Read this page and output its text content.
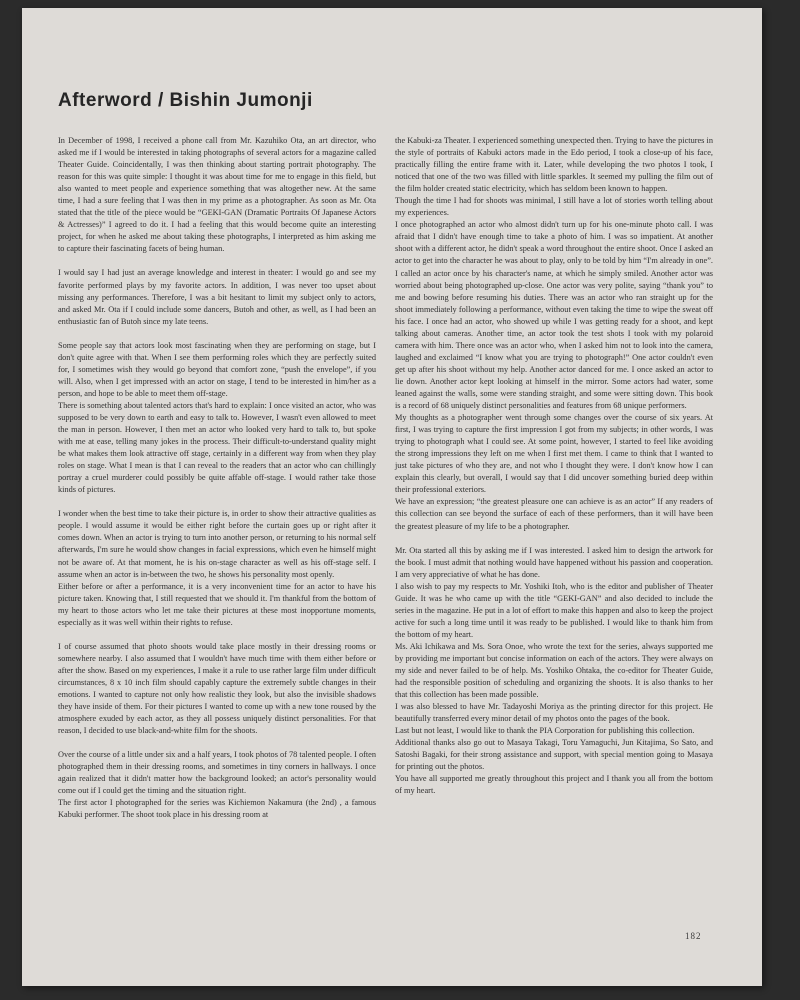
Afterword / Bishin Jumonji

In December of 1998, I received a phone call from Mr. Kazuhiko Ota, an art director, who asked me if I would be interested in taking photographs of several actors for a magazine called Theater Guide. Coincidentally, I was then thinking about starting portrait photography. The reason for this was quite simple: I thought it was about time for me to engage in this field, but also wanted to meet people and experience something that was altogether new. At the same time, I had a sure feeling that I was then in my prime as a photographer. As soon as Mr. Ota stated that the title of the piece would be “GEKI-GAN (Dramatic Portraits Of Japanese Actors & Actresses)” I agreed to do it. I had a feeling that this would become quite an interesting project, for when he asked me about taking these photographs, I interpreted as him asking me to capture their fascinating facets of being human.

I would say I had just an average knowledge and interest in theater: I would go and see my favorite performed plays by my favorite actors. In addition, I was never too upset about missing any performances. Therefore, I was a bit hesitant to limit my subject only to actors, and asked Mr. Ota if I could include some dancers, Butoh and other, as well, as I had been an enthusiastic fan of Butoh since my late teens.

Some people say that actors look most fascinating when they are performing on stage, but I don't quite agree with that. When I see them performing roles which they are perfectly suited for, I sometimes wish they would go beyond that comfort zone, “push the envelope”, if you will. Also, when I get impressed with an actor on stage, I tend to be interested in him/her as a person, and hope to be able to meet them off-stage.

There is something about talented actors that's hard to explain: I once visited an actor, who was supposed to be very down to earth and easy to talk to. However, I wasn't even allowed to meet the man in person. However, I then met an actor who looked very hard to talk to, but spoke with me at ease, telling many jokes in the process. Their difficult-to-understand quality might be what makes them look attractive off stage, certainly in a different way from when they play roles on stage. What I mean is that I can reveal to the readers that an actor who can chillingly portray a cruel murderer could possibly be quite affable off-stage. I would rather take those kinds of pictures.

I wonder when the best time to take their picture is, in order to show their attractive qualities as people. I would assume it would be either right before the curtain goes up or right after it comes down. When an actor is trying to turn into another person, or returning to his normal self afterwards, I'm sure he would show changes in facial expressions, which even he himself might not be aware of. At that moment, he is his on-stage character as well as his off-stage self. I assume when an actor is in-between the two, he shows his personality most openly.

Either before or after a performance, it is a very inconvenient time for an actor to have his picture taken. Knowing that, I still requested that we should it. I'm thankful from the bottom of my heart to those actors who let me take their pictures at these most inopportune moments, especially as it was well within their rights to refuse.

I of course assumed that photo shoots would take place mostly in their dressing rooms or somewhere nearby. I also assumed that I wouldn't have much time with them either before or after the show. Based on my experiences, I make it a rule to use rather large film under difficult circumstances, 8 x 10 inch film should capably capture the extremely subtle changes in their emotions. I wanted to capture not only how realistic they look, but also the invisible shadows they have inside of them. For their pictures I wanted to come up with a new tone roused by the atmosphere exuded by each actor, as they all possess uniquely distinct personalities. For that reason, I decided to use black-and-white film for the shoots.

Over the course of a little under six and a half years, I took photos of 78 talented people. I often photographed them in their dressing rooms, and sometimes in tiny corners in hallways. I once again realized that it didn't matter how the background looked; an actor's personality would come out if I could get the timing and the situation right.

The first actor I photographed for the series was Kichiemon Nakamura (the 2nd) , a famous Kabuki performer. The shoot took place in his dressing room at

the Kabuki-za Theater. I experienced something unexpected then. Trying to have the pictures in the style of portraits of Kabuki actors made in the Edo period, I took a close-up of his face, practically filling the entire frame with it. Later, while developing the two photos I took, I noticed that one of the two was filled with little sparkles. It seemed my pulling the film out of the film holder created static electricity, which has seldom been known to happen.

Though the time I had for shoots was minimal, I still have a lot of stories worth telling about my experiences.

I once photographed an actor who almost didn't turn up for his one-minute photo call. I was afraid that I didn't have enough time to take a photo of him. I was so impatient. At another shoot with a different actor, he didn't speak a word throughout the entire shoot. Once I asked an actor to get into the character he was about to play, only to be told by him “I'm already in one”. I called an actor once by his character's name, at which he simply smiled. Another actor was worried about being photographed up-close. One actor was very polite, saying “thank you” to me and bowing before resuming his duties. There was an actor who ran straight up for the shoot immediately following a performance, without even taking the time to wipe the sweat off his face. I once had an actor, who showed up while I was getting ready for a shoot, and kept talking about cameras. Another time, an actor took the test shots I took with my polaroid camera with him. There once was an actor who, when I asked him not to look into the camera, laughed and exclaimed “I know what you are trying to photograph!” One actor couldn't even get up after his shoot without my help. Another actor danced for me. I once asked an actor to lie down. Another actor kept looking at himself in the mirror. Some actors had water, some leaned against the walls, some were standing straight, and some were sitting down. This book is a record of 68 uniquely distinct personalities and features from 68 unique performers.

My thoughts as a photographer went through some changes over the course of six years. At first, I was trying to capture the first impression I got from my subjects; in other words, I was trying to photograph what I could see. At some point, however, I started to feel like avoiding the strong impressions they left on me when I first met them. I came to think that I wanted to just take pictures of who they are, and not who I thought they were. I don't know how I can explain this clearly, but overall, I would say that I did uncover something buried deep within their professional exteriors.

We have an expression; “the greatest pleasure one can achieve is as an actor” If any readers of this collection can see beyond the surface of each of these performers, than it will have been the greatest pleasure of my life to be a photographer.

Mr. Ota started all this by asking me if I was interested. I asked him to design the artwork for the book. I must admit that nothing would have happened without his passion and cooperation. I am very appreciative of what he has done.

I also wish to pay my respects to Mr. Yoshiki Itoh, who is the editor and publisher of Theater Guide. It was he who came up with the title “GEKI-GAN” and also decided to include the series in the magazine. He put in a lot of effort to make this happen and also to keep the project active for such a long time until it was ready to be published. I would like to thank him from the bottom of my heart.

Ms. Aki Ichikawa and Ms. Sora Onoe, who wrote the text for the series, always supported me by providing me important but concise information on each of the actors. They were always on my side and never failed to be of help. Ms. Yoshiko Ohtaka, the co-editor for Theater Guide, had the responsible position of scheduling and organizing the shoots. It is also thanks to her that this collection has been made possible.

I was also blessed to have Mr. Tadayoshi Moriya as the printing director for this project. He beautifully transferred every minor detail of my photos onto the pages of the book.

Last but not least, I would like to thank the PIA Corporation for publishing this collection.

Additional thanks also go out to Masaya Takagi, Toru Yamaguchi, Jun Kitajima, So Sato, and Satoshi Bagaki, for their strong assistance and support, with special mention going to Masaya for printing out the photos.

You have all supported me greatly throughout this project and I thank you all from the bottom of my heart.

182
